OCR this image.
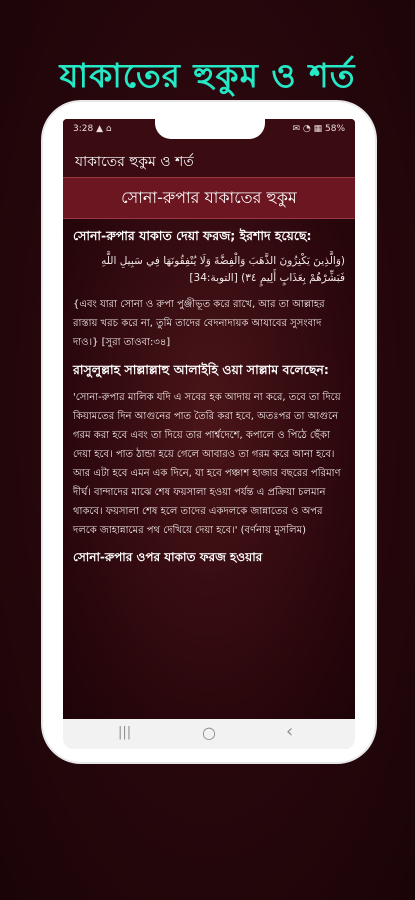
যাকাতের হুকুম ও শর্ত
3:28 ▲ ⌂	✉ ◔ ▦ 58%
যাকাতের হুকুম ও শর্ত
সোনা-রুপার যাকাতের হুকুম

সোনা-রুপার যাকাত দেয়া ফরজ; ইরশাদ হয়েছে:

(وَالَّذِينَ يَكْنِزُونَ الذَّهَبَ وَالْفِضَّةَ وَلَا يُنْفِقُونَهَا فِي سَبِيلِ اللَّهِ فَبَشِّرْهُمْ بِعَذَابٍ أَلِيمٍ ٣٤) [التوبة:34]

{এবং যারা সোনা ও রুপা পুঞ্জীভূত করে রাখে, আর তা আল্লাহর রাস্তায় খরচ করে না, তুমি তাদের বেদনাদায়ক আযাবের সুসংবাদ দাও।} [সুরা তাওবা:৩৪]

রাসুলুল্লাহ সাল্লাল্লাহু আলাইহি ওয়া সাল্লাম বলেছেন:

'সোনা-রুপার মালিক যদি এ সবের হক আদায় না করে, তবে তা দিয়ে কিয়ামতের দিন আগুনের পাত তৈরি করা হবে, অতঃপর তা আগুনে গরম করা হবে এবং তা দিয়ে তার পার্শ্বদেশে, কপালে ও পিঠে ছেঁকা দেয়া হবে। পাত ঠান্ডা হয়ে গেলে আবারও তা গরম করে আনা হবে। আর এটা হবে এমন এক দিনে, যা হবে পঞ্চাশ হাজার বছরের পরিমাণ দীর্ঘ। বান্দাদের মাঝে শেষ ফয়সালা হওয়া পর্যন্ত এ প্রক্রিয়া চলমান থাকবে। ফয়সালা শেষ হলে তাদের একদলকে জান্নাতের ও অপর দলকে জাহান্নামের পথ দেখিয়ে দেয়া হবে।' (বর্ণনায় মুসলিম)

সোনা-রুপার ওপর যাকাত ফরজ হওয়ার

|||	○	‹
